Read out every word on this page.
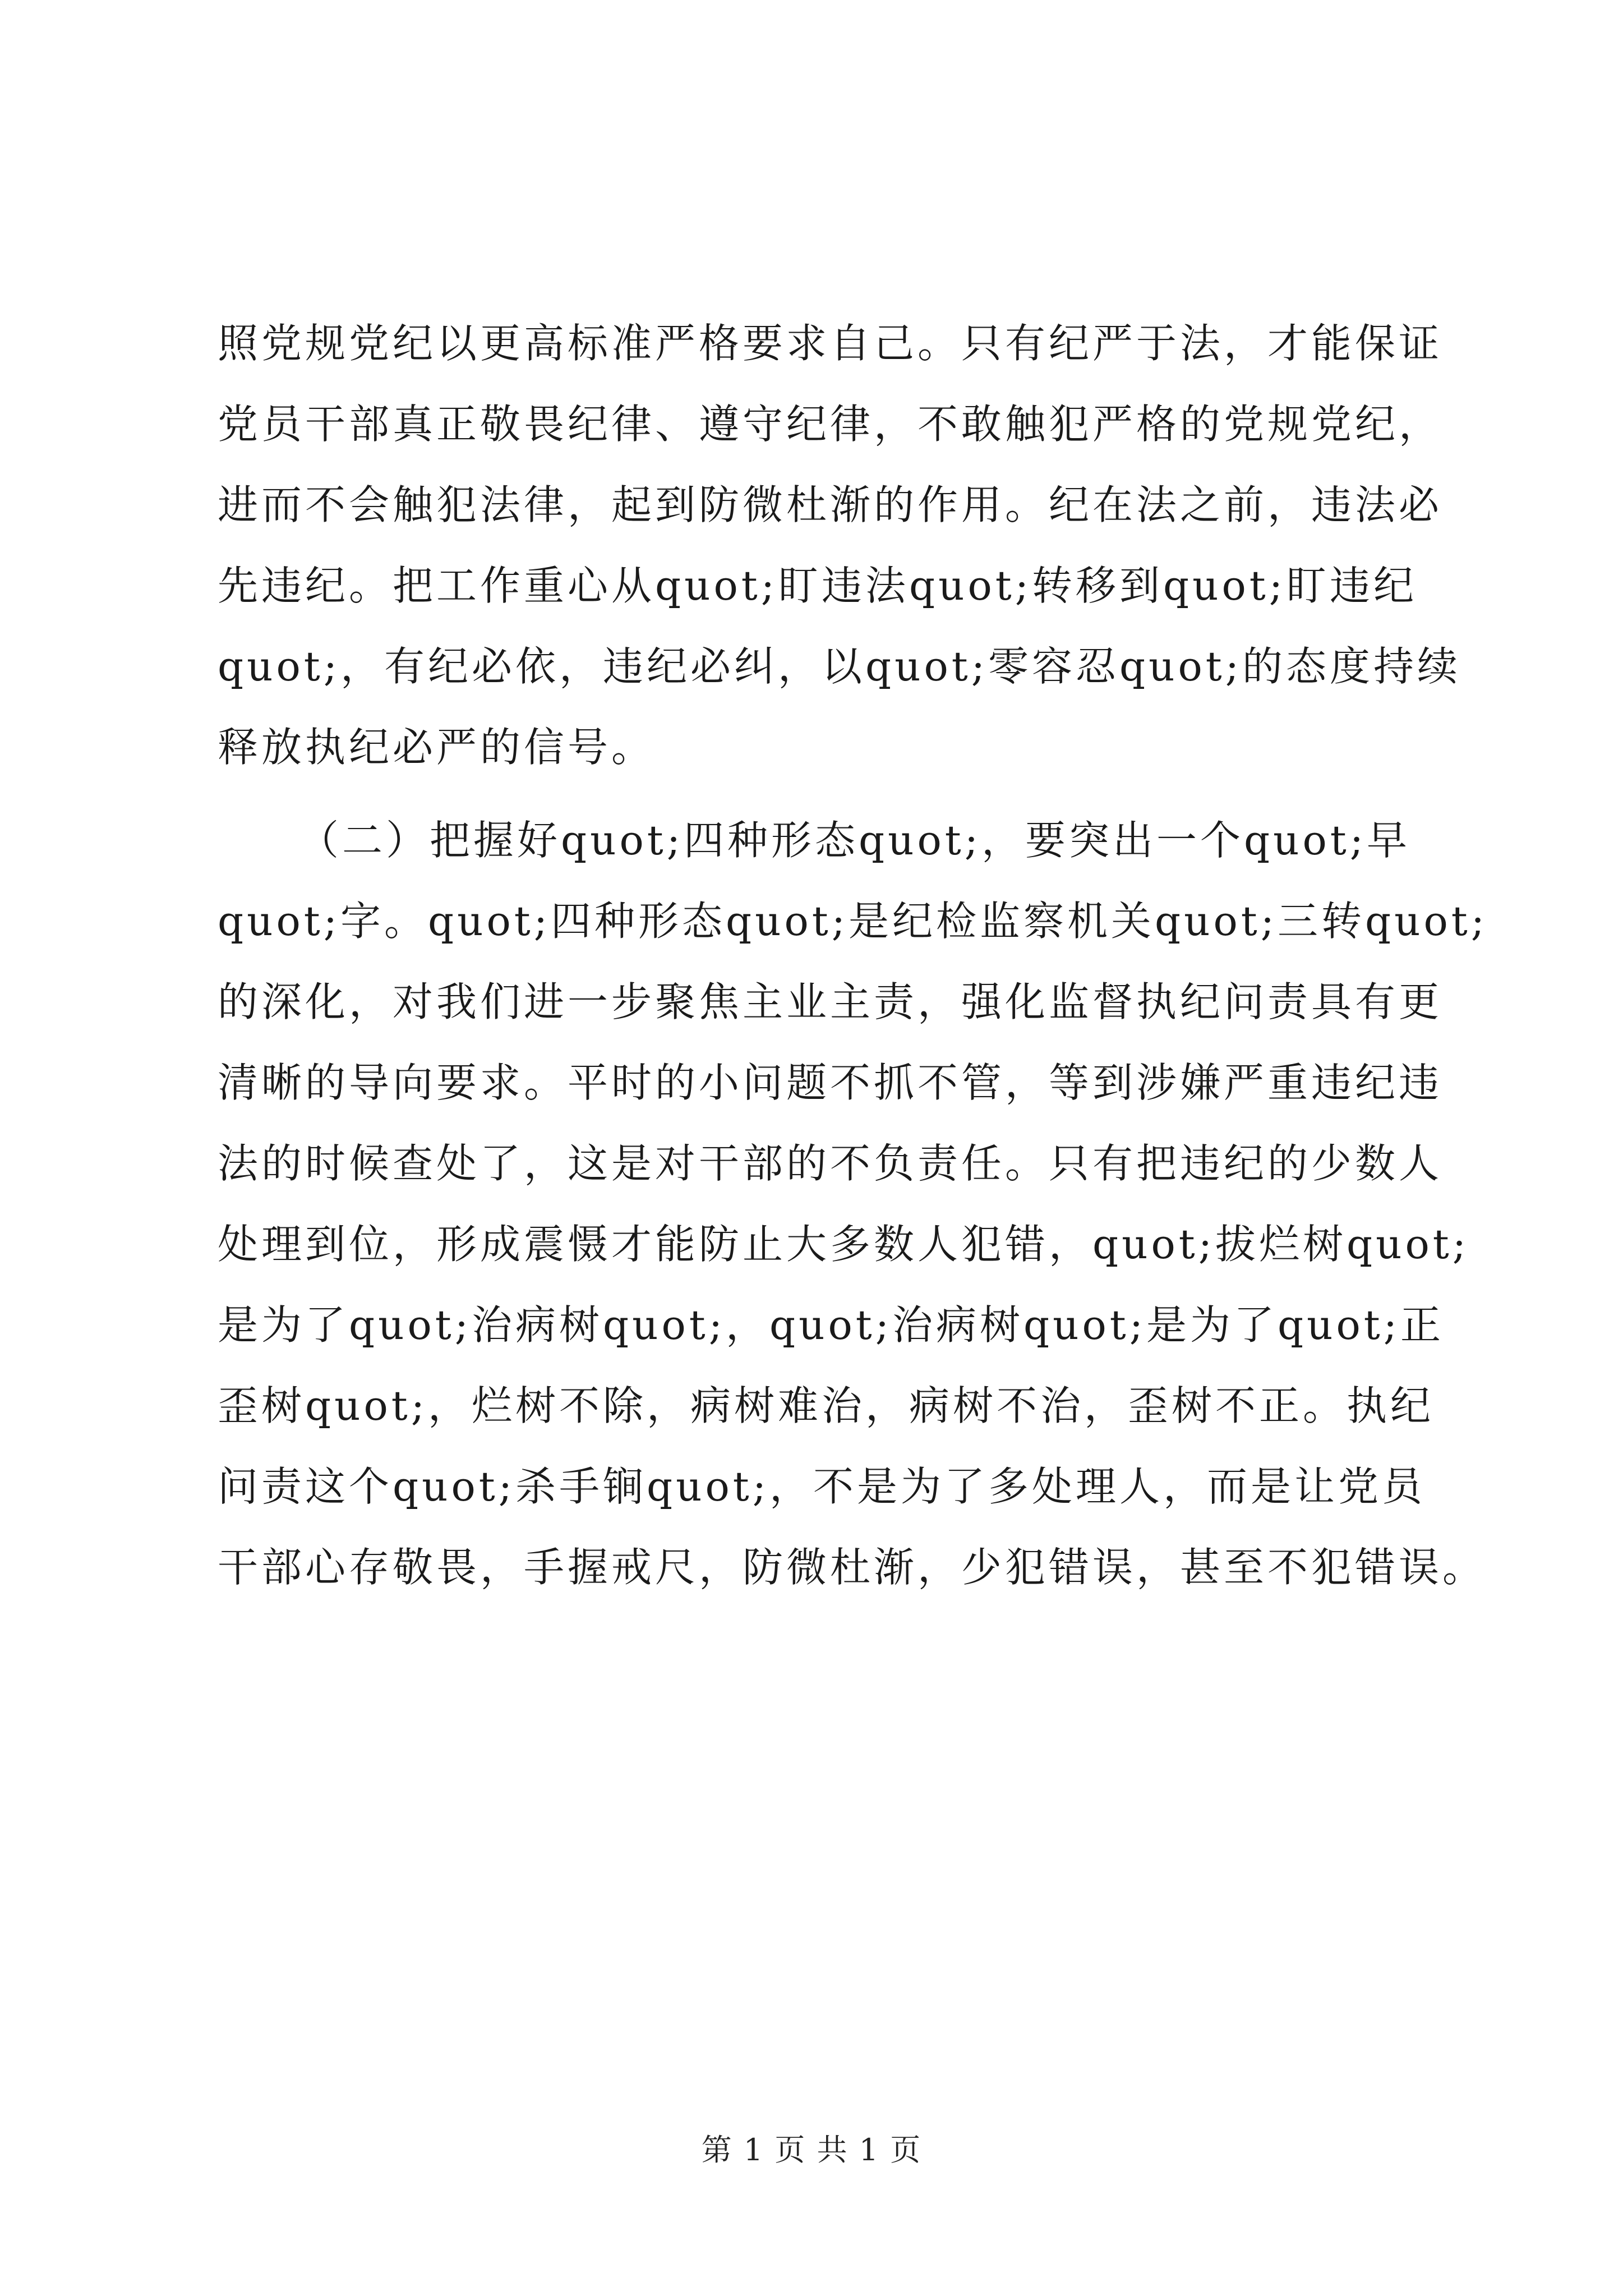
照党规党纪以更高标准严格要求自己。只有纪严于法，才能保证
党员干部真正敬畏纪律、遵守纪律，不敢触犯严格的党规党纪，
进而不会触犯法律，起到防微杜渐的作用。纪在法之前，违法必
先违纪。把工作重心从quot;盯违法quot;转移到quot;盯违纪
quot;，有纪必依，违纪必纠，以quot;零容忍quot;的态度持续
释放执纪必严的信号。
（二）把握好quot;四种形态quot;，要突出一个quot;早
quot;字。quot;四种形态quot;是纪检监察机关quot;三转quot;
的深化，对我们进一步聚焦主业主责，强化监督执纪问责具有更
清晰的导向要求。平时的小问题不抓不管，等到涉嫌严重违纪违
法的时候查处了，这是对干部的不负责任。只有把违纪的少数人
处理到位，形成震慑才能防止大多数人犯错，quot;拔烂树quot;
是为了quot;治病树quot;，quot;治病树quot;是为了quot;正
歪树quot;，烂树不除，病树难治，病树不治，歪树不正。执纪
问责这个quot;杀手锏quot;，不是为了多处理人，而是让党员
干部心存敬畏，手握戒尺，防微杜渐，少犯错误，甚至不犯错误。
第 1 页 共 1 页
